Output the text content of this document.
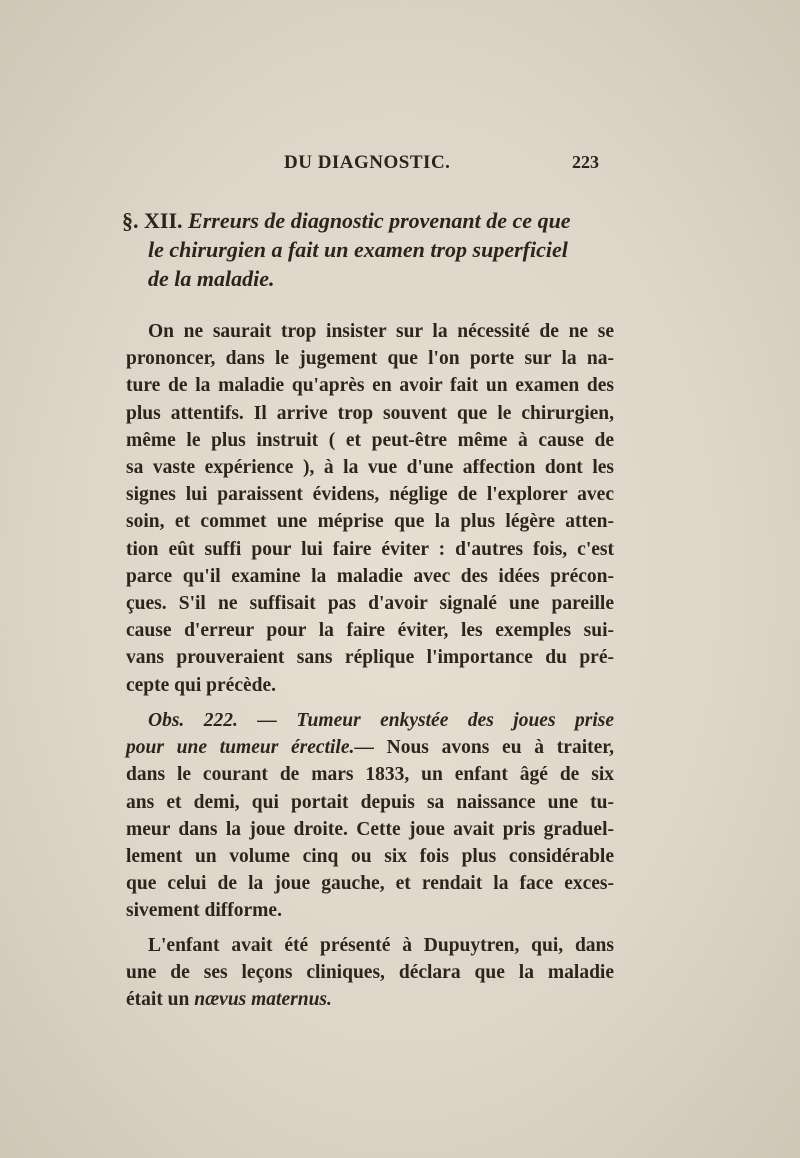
DU DIAGNOSTIC.	223
§. XII. Erreurs de diagnostic provenant de ce que
le chirurgien a fait un examen trop superficiel
de la maladie.
On ne saurait trop insister sur la nécessité de ne se
prononcer, dans le jugement que l'on porte sur la na-
ture de la maladie qu'après en avoir fait un examen des
plus attentifs. Il arrive trop souvent que le chirurgien,
même le plus instruit ( et peut-être même à cause de
sa vaste expérience ), à la vue d'une affection dont les
signes lui paraissent évidens, néglige de l'explorer avec
soin, et commet une méprise que la plus légère atten-
tion eût suffi pour lui faire éviter : d'autres fois, c'est
parce qu'il examine la maladie avec des idées précon-
çues. S'il ne suffisait pas d'avoir signalé une pareille
cause d'erreur pour la faire éviter, les exemples sui-
vans prouveraient sans réplique l'importance du pré-
cepte qui précède.
Obs. 222. — Tumeur enkystée des joues prise
pour une tumeur érectile.— Nous avons eu à traiter,
dans le courant de mars 1833, un enfant âgé de six
ans et demi, qui portait depuis sa naissance une tu-
meur dans la joue droite. Cette joue avait pris graduel-
lement un volume cinq ou six fois plus considérable
que celui de la joue gauche, et rendait la face exces-
sivement difforme.
L'enfant avait été présenté à Dupuytren, qui, dans
une de ses leçons cliniques, déclara que la maladie
était un nævus maternus.
